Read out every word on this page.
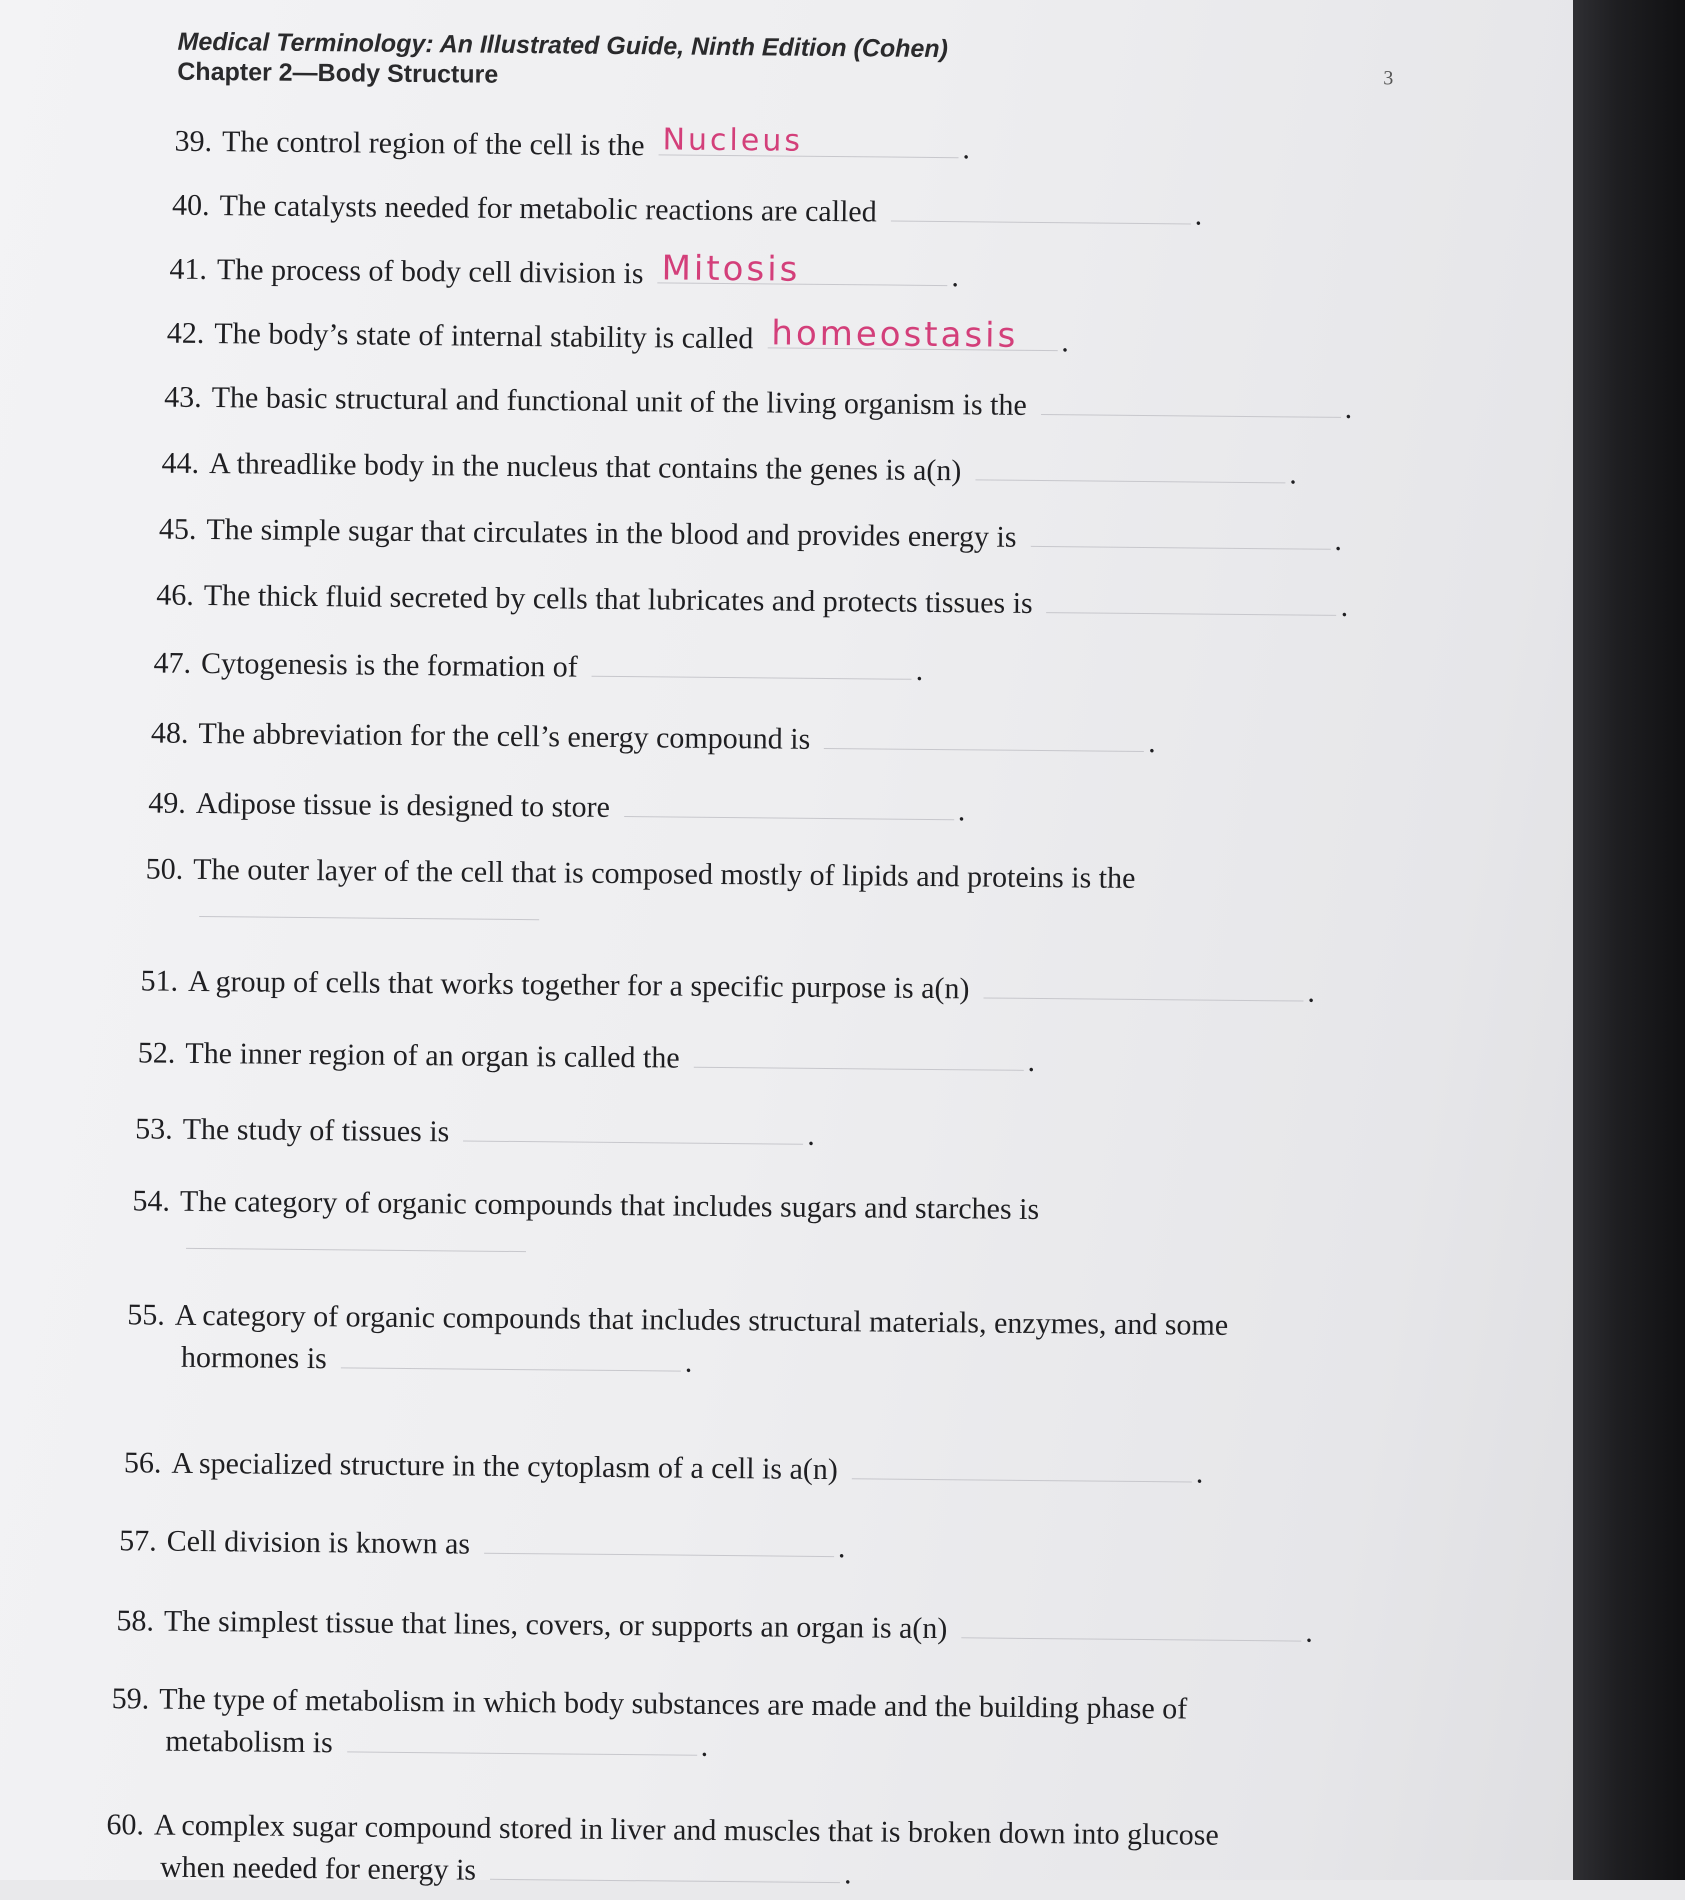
Medical Terminology: An Illustrated Guide, Ninth Edition (Cohen)
Chapter 2—Body Structure	3
39. The control region of the cell is the Nucleus	.
40. The catalysts needed for metabolic reactions are called	.
41. The process of body cell division is Mitosis	.
42. The body’s state of internal stability is called homeostasis .
43. The basic structural and functional unit of the living organism is the	.
44. A threadlike body in the nucleus that contains the genes is a(n)	.
45. The simple sugar that circulates in the blood and provides energy is	.
46. The thick fluid secreted by cells that lubricates and protects tissues is	.
47. Cytogenesis is the formation of	.
48. The abbreviation for the cell’s energy compound is	.
49. Adipose tissue is designed to store	.
50. The outer layer of the cell that is composed mostly of lipids and proteins is the
51. A group of cells that works together for a specific purpose is a(n)	.
52. The inner region of an organ is called the	.
53. The study of tissues is	.
54. The category of organic compounds that includes sugars and starches is
55. A category of organic compounds that includes structural materials, enzymes, and some
hormones is	.
56. A specialized structure in the cytoplasm of a cell is a(n)	.
57. Cell division is known as	.
58. The simplest tissue that lines, covers, or supports an organ is a(n)	.
59. The type of metabolism in which body substances are made and the building phase of
metabolism is	.
60. A complex sugar compound stored in liver and muscles that is broken down into glucose
when needed for energy is	.
